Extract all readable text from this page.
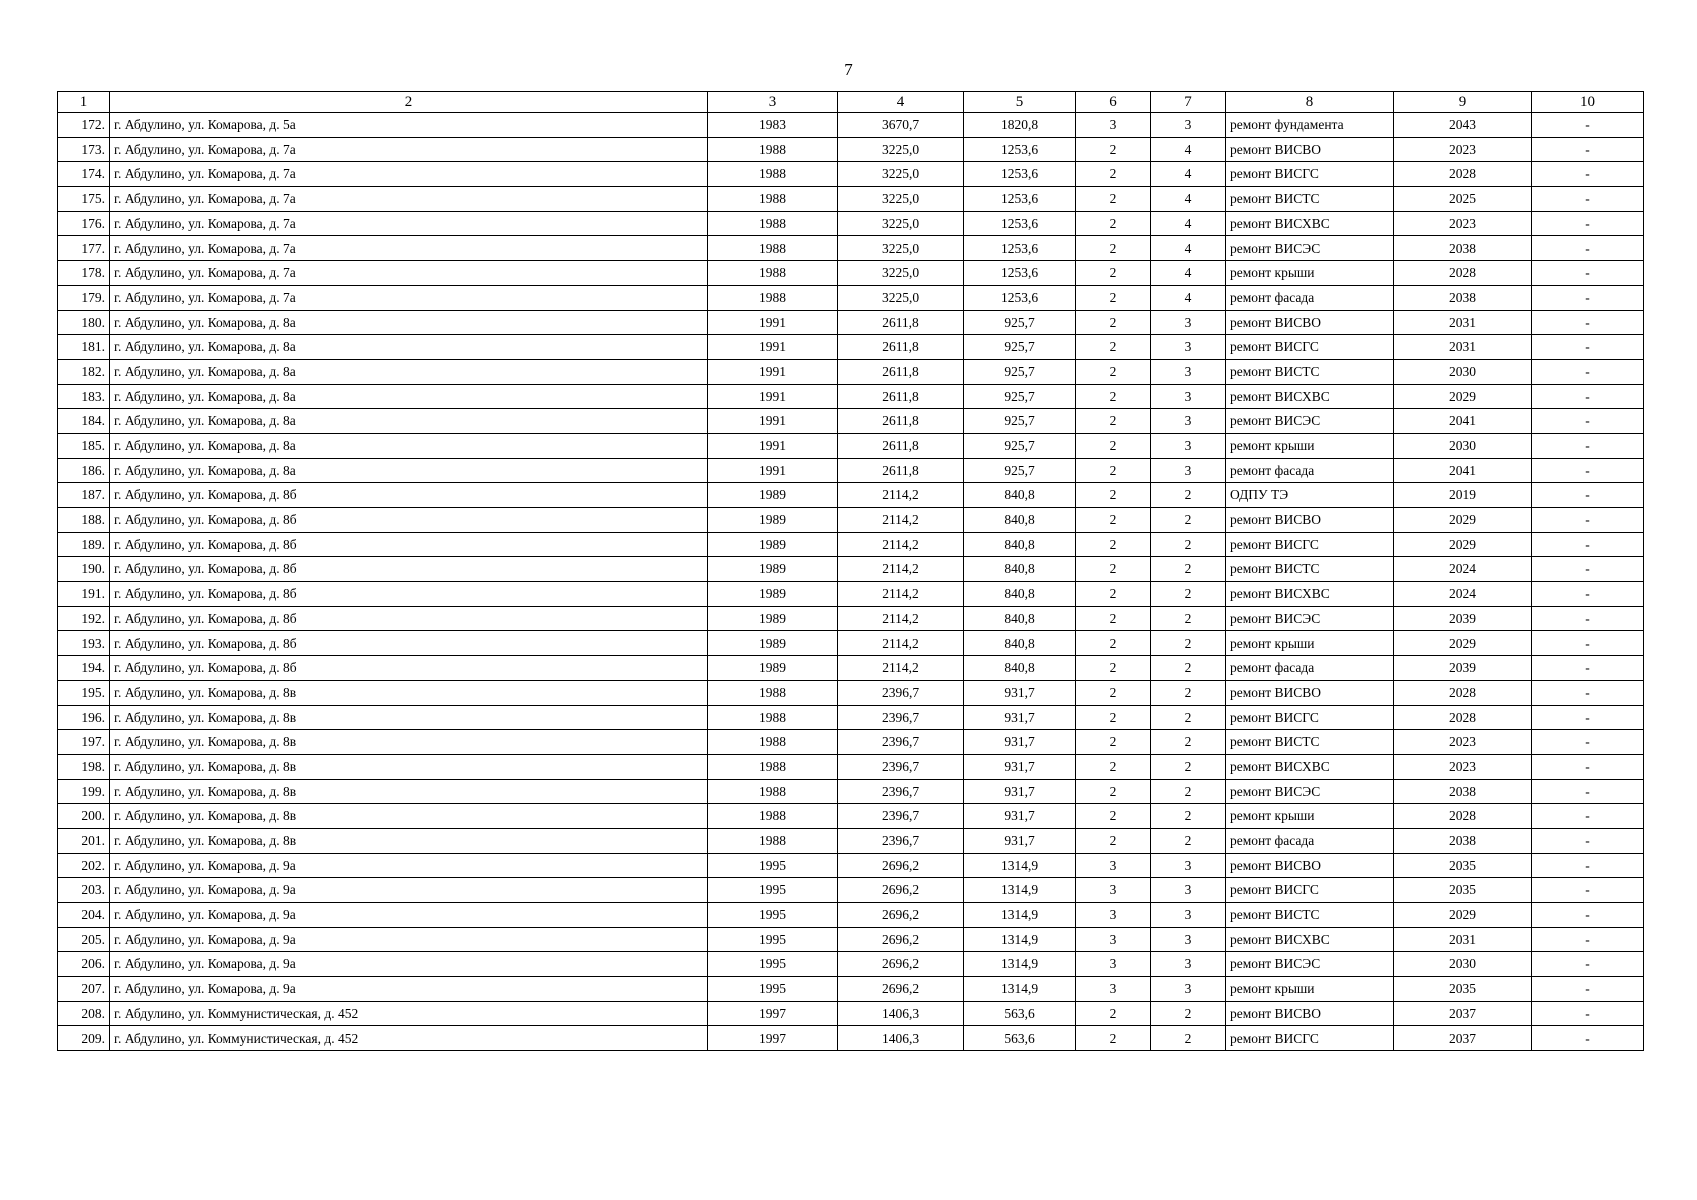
7
1	2	3	4	5	6	7	8	9	10
172.	г. Абдулино, ул. Комарова, д. 5а	1983	3670,7	1820,8	3	3	ремонт фундамента	2043	-
173.	г. Абдулино, ул. Комарова, д. 7а	1988	3225,0	1253,6	2	4	ремонт ВИСВО	2023	-
174.	г. Абдулино, ул. Комарова, д. 7а	1988	3225,0	1253,6	2	4	ремонт ВИСГС	2028	-
175.	г. Абдулино, ул. Комарова, д. 7а	1988	3225,0	1253,6	2	4	ремонт ВИСТС	2025	-
176.	г. Абдулино, ул. Комарова, д. 7а	1988	3225,0	1253,6	2	4	ремонт ВИСХВС	2023	-
177.	г. Абдулино, ул. Комарова, д. 7а	1988	3225,0	1253,6	2	4	ремонт ВИСЭС	2038	-
178.	г. Абдулино, ул. Комарова, д. 7а	1988	3225,0	1253,6	2	4	ремонт крыши	2028	-
179.	г. Абдулино, ул. Комарова, д. 7а	1988	3225,0	1253,6	2	4	ремонт фасада	2038	-
180.	г. Абдулино, ул. Комарова, д. 8а	1991	2611,8	925,7	2	3	ремонт ВИСВО	2031	-
181.	г. Абдулино, ул. Комарова, д. 8а	1991	2611,8	925,7	2	3	ремонт ВИСГС	2031	-
182.	г. Абдулино, ул. Комарова, д. 8а	1991	2611,8	925,7	2	3	ремонт ВИСТС	2030	-
183.	г. Абдулино, ул. Комарова, д. 8а	1991	2611,8	925,7	2	3	ремонт ВИСХВС	2029	-
184.	г. Абдулино, ул. Комарова, д. 8а	1991	2611,8	925,7	2	3	ремонт ВИСЭС	2041	-
185.	г. Абдулино, ул. Комарова, д. 8а	1991	2611,8	925,7	2	3	ремонт крыши	2030	-
186.	г. Абдулино, ул. Комарова, д. 8а	1991	2611,8	925,7	2	3	ремонт фасада	2041	-
187.	г. Абдулино, ул. Комарова, д. 8б	1989	2114,2	840,8	2	2	ОДПУ ТЭ	2019	-
188.	г. Абдулино, ул. Комарова, д. 8б	1989	2114,2	840,8	2	2	ремонт ВИСВО	2029	-
189.	г. Абдулино, ул. Комарова, д. 8б	1989	2114,2	840,8	2	2	ремонт ВИСГС	2029	-
190.	г. Абдулино, ул. Комарова, д. 8б	1989	2114,2	840,8	2	2	ремонт ВИСТС	2024	-
191.	г. Абдулино, ул. Комарова, д. 8б	1989	2114,2	840,8	2	2	ремонт ВИСХВС	2024	-
192.	г. Абдулино, ул. Комарова, д. 8б	1989	2114,2	840,8	2	2	ремонт ВИСЭС	2039	-
193.	г. Абдулино, ул. Комарова, д. 8б	1989	2114,2	840,8	2	2	ремонт крыши	2029	-
194.	г. Абдулино, ул. Комарова, д. 8б	1989	2114,2	840,8	2	2	ремонт фасада	2039	-
195.	г. Абдулино, ул. Комарова, д. 8в	1988	2396,7	931,7	2	2	ремонт ВИСВО	2028	-
196.	г. Абдулино, ул. Комарова, д. 8в	1988	2396,7	931,7	2	2	ремонт ВИСГС	2028	-
197.	г. Абдулино, ул. Комарова, д. 8в	1988	2396,7	931,7	2	2	ремонт ВИСТС	2023	-
198.	г. Абдулино, ул. Комарова, д. 8в	1988	2396,7	931,7	2	2	ремонт ВИСХВС	2023	-
199.	г. Абдулино, ул. Комарова, д. 8в	1988	2396,7	931,7	2	2	ремонт ВИСЭС	2038	-
200.	г. Абдулино, ул. Комарова, д. 8в	1988	2396,7	931,7	2	2	ремонт крыши	2028	-
201.	г. Абдулино, ул. Комарова, д. 8в	1988	2396,7	931,7	2	2	ремонт фасада	2038	-
202.	г. Абдулино, ул. Комарова, д. 9а	1995	2696,2	1314,9	3	3	ремонт ВИСВО	2035	-
203.	г. Абдулино, ул. Комарова, д. 9а	1995	2696,2	1314,9	3	3	ремонт ВИСГС	2035	-
204.	г. Абдулино, ул. Комарова, д. 9а	1995	2696,2	1314,9	3	3	ремонт ВИСТС	2029	-
205.	г. Абдулино, ул. Комарова, д. 9а	1995	2696,2	1314,9	3	3	ремонт ВИСХВС	2031	-
206.	г. Абдулино, ул. Комарова, д. 9а	1995	2696,2	1314,9	3	3	ремонт ВИСЭС	2030	-
207.	г. Абдулино, ул. Комарова, д. 9а	1995	2696,2	1314,9	3	3	ремонт крыши	2035	-
208.	г. Абдулино, ул. Коммунистическая, д. 452	1997	1406,3	563,6	2	2	ремонт ВИСВО	2037	-
209.	г. Абдулино, ул. Коммунистическая, д. 452	1997	1406,3	563,6	2	2	ремонт ВИСГС	2037	-
